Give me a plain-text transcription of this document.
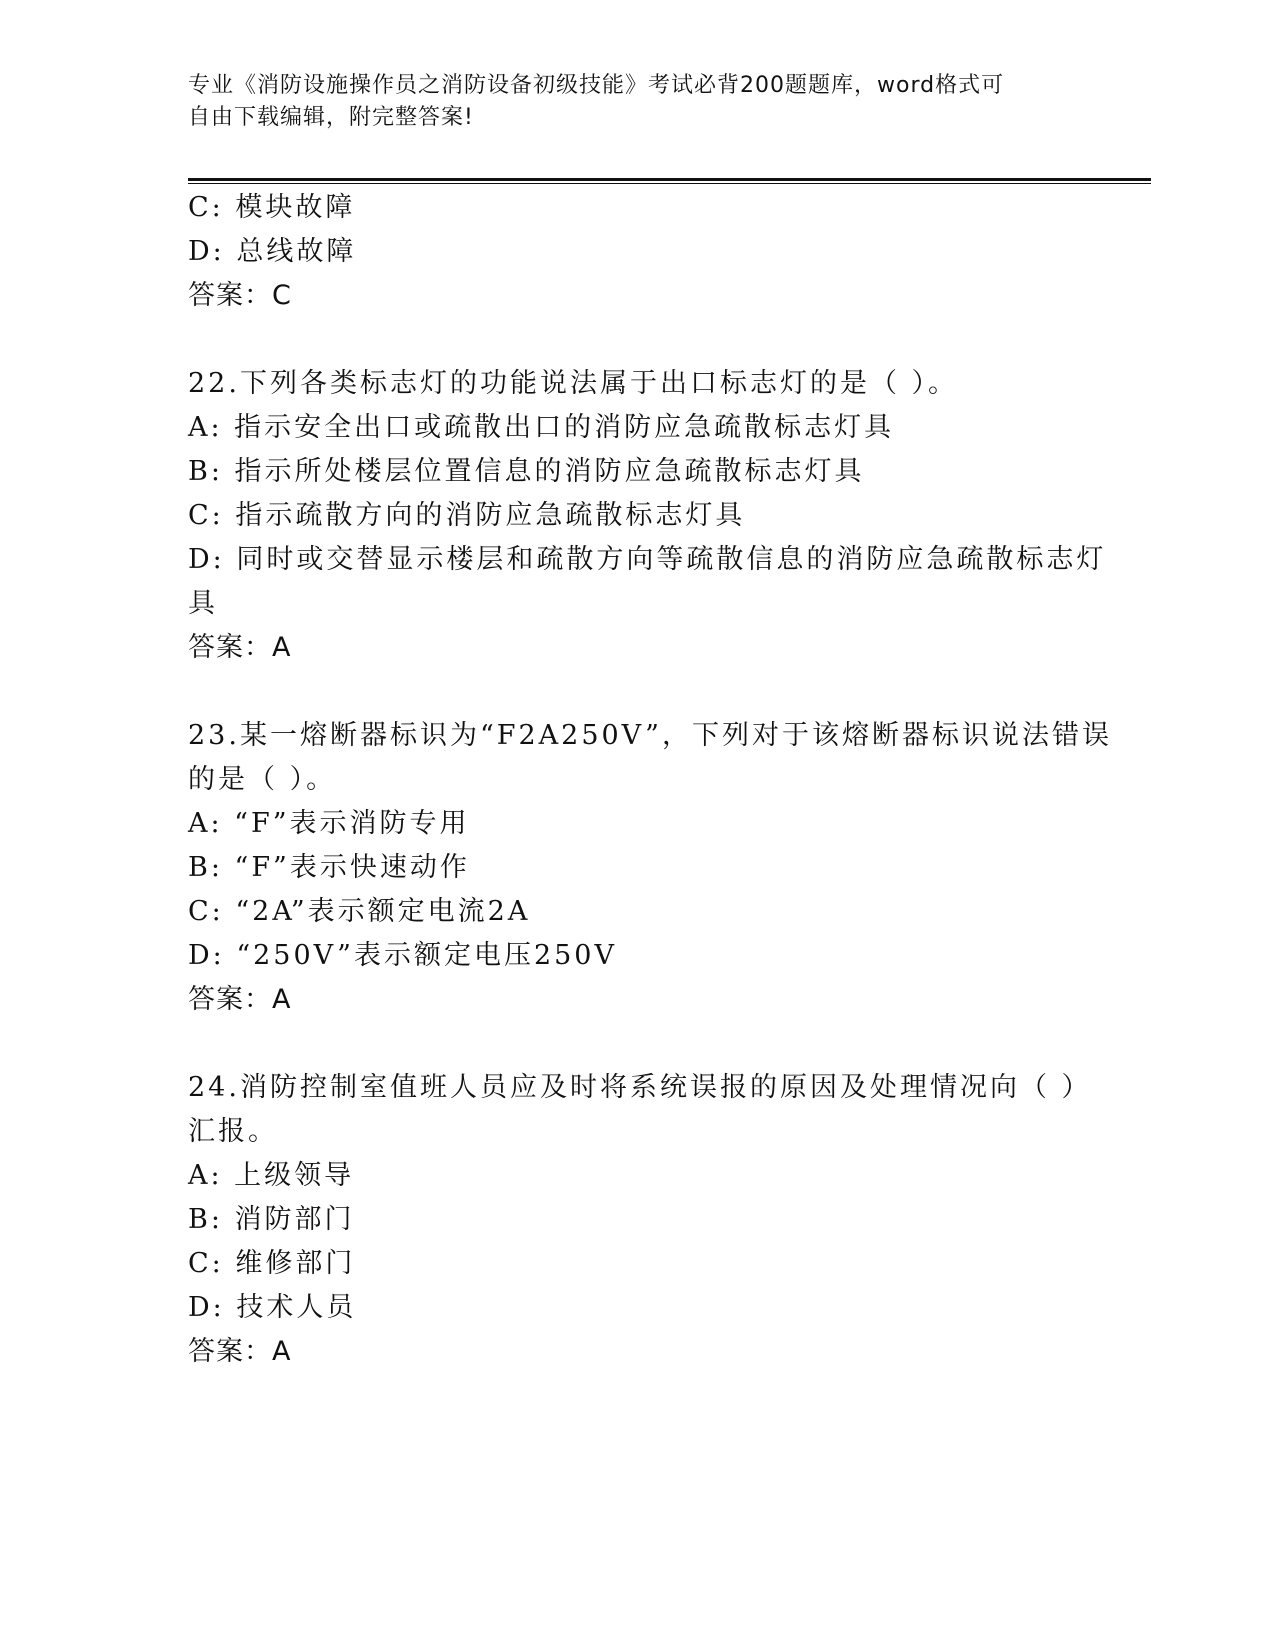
专业《消防设施操作员之消防设备初级技能》考试必背200题题库，word格式可
自由下载编辑，附完整答案!
C: 模块故障
D: 总线故障
答案：C
22.下列各类标志灯的功能说法属于出口标志灯的是（ ）。
A: 指示安全出口或疏散出口的消防应急疏散标志灯具
B: 指示所处楼层位置信息的消防应急疏散标志灯具
C: 指示疏散方向的消防应急疏散标志灯具
D: 同时或交替显示楼层和疏散方向等疏散信息的消防应急疏散标志灯
具
答案：A
23.某一熔断器标识为“F2A250V”，下列对于该熔断器标识说法错误
的是（ ）。
A: “F”表示消防专用
B: “F”表示快速动作
C: “2A”表示额定电流2A
D: “250V”表示额定电压250V
答案：A
24.消防控制室值班人员应及时将系统误报的原因及处理情况向（ ）
汇报。
A: 上级领导
B: 消防部门
C: 维修部门
D: 技术人员
答案：A
